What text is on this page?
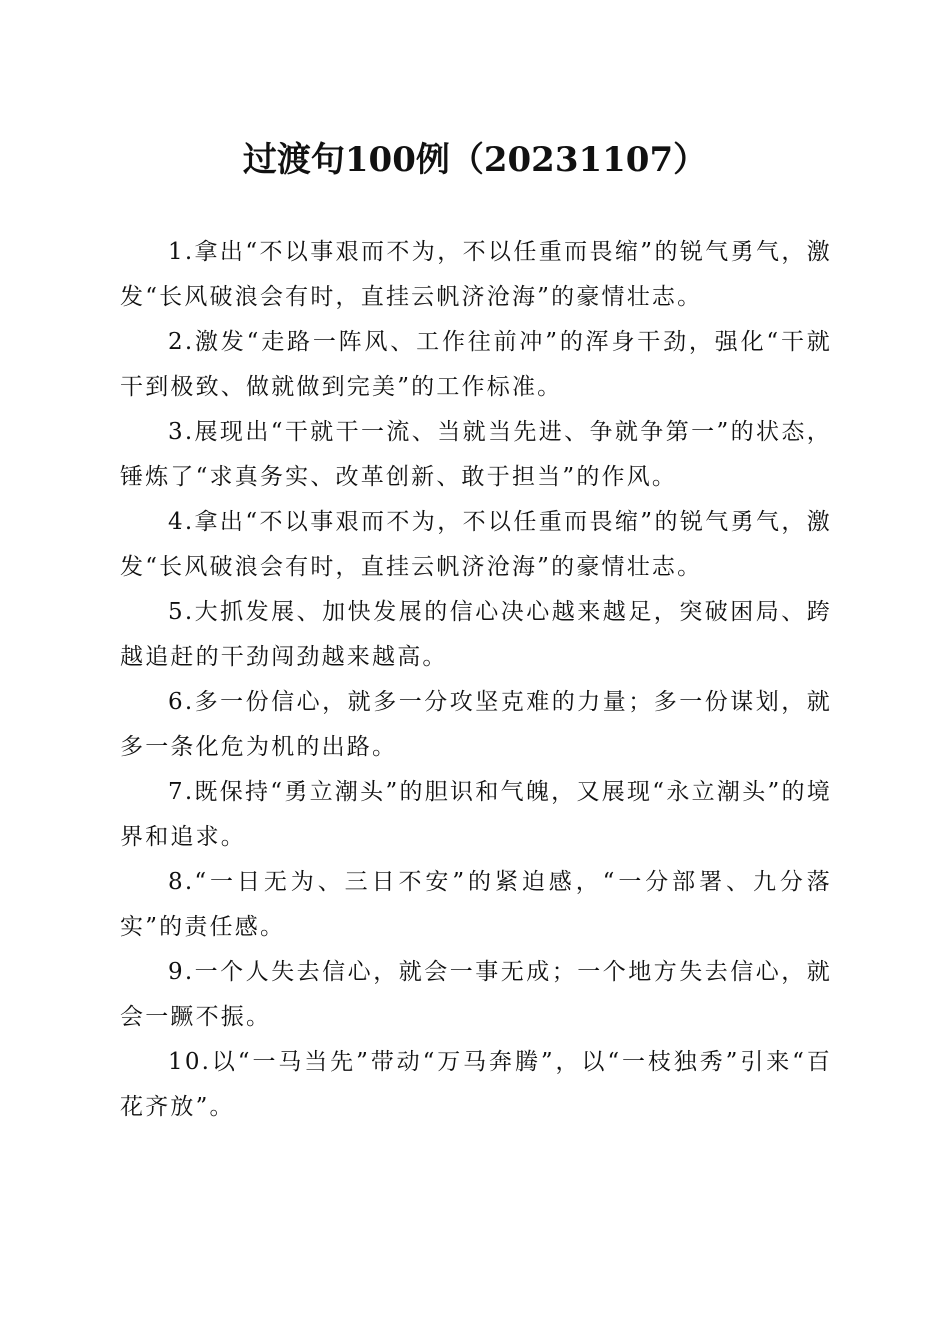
过渡句100例（20231107）

1.拿出“不以事艰而不为，不以任重而畏缩”的锐气勇气，激发“长风破浪会有时，直挂云帆济沧海”的豪情壮志。

2.激发“走路一阵风、工作往前冲”的浑身干劲，强化“干就干到极致、做就做到完美”的工作标准。

3.展现出“干就干一流、当就当先进、争就争第一”的状态，锤炼了“求真务实、改革创新、敢于担当”的作风。

4.拿出“不以事艰而不为，不以任重而畏缩”的锐气勇气，激发“长风破浪会有时，直挂云帆济沧海”的豪情壮志。

5.大抓发展、加快发展的信心决心越来越足，突破困局、跨越追赶的干劲闯劲越来越高。

6.多一份信心，就多一分攻坚克难的力量；多一份谋划，就多一条化危为机的出路。

7.既保持“勇立潮头”的胆识和气魄，又展现“永立潮头”的境界和追求。

8.“一日无为、三日不安”的紧迫感，“一分部署、九分落实”的责任感。

9.一个人失去信心，就会一事无成；一个地方失去信心，就会一蹶不振。

10.以“一马当先”带动“万马奔腾”，以“一枝独秀”引来“百花齐放”。
